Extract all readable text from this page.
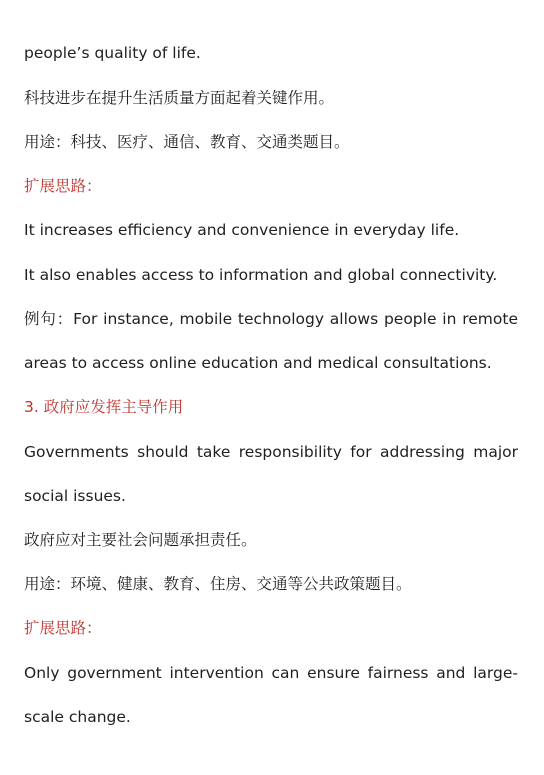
people’s quality of life.
科技进步在提升生活质量方面起着关键作用。
用途：科技、医疗、通信、教育、交通类题目。
扩展思路：
It increases efficiency and convenience in everyday life.
It also enables access to information and global connectivity.
例句：For instance, mobile technology allows people in remote
areas to access online education and medical consultations.
3. 政府应发挥主导作用
Governments should take responsibility for addressing major
social issues.
政府应对主要社会问题承担责任。
用途：环境、健康、教育、住房、交通等公共政策题目。
扩展思路：
Only government intervention can ensure fairness and large-
scale change.
